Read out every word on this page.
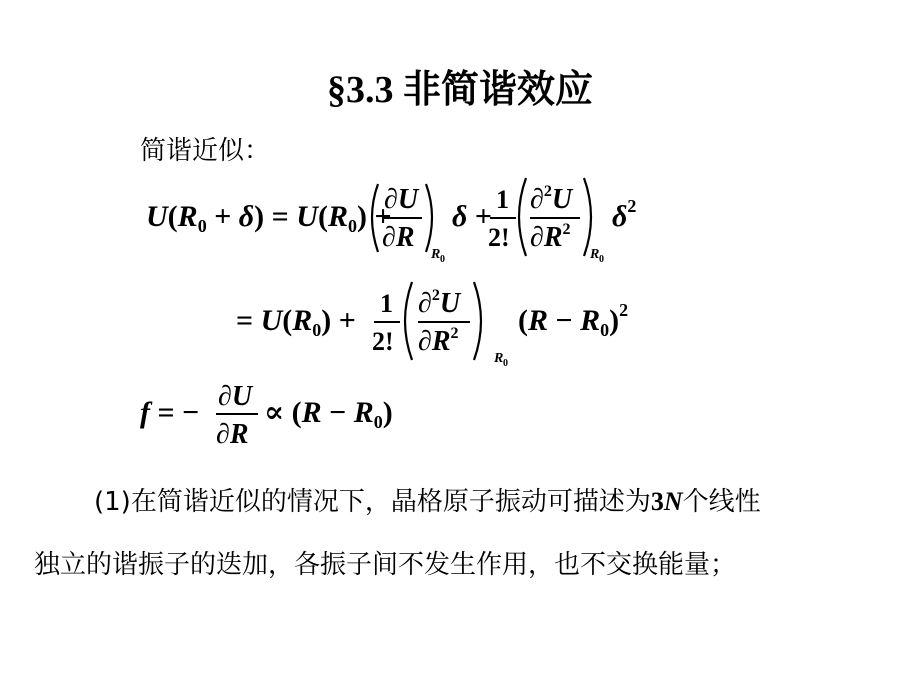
§3.3 非简谐效应
简谐近似：
$U(R_0 + \delta) = U(R_0)$ +
∂U
∂R
R 0
δ +
1
2!
∂$^2$U
$\partial R^2$
R 0
$\delta^2$
= $U(R_0)$ +
1
2!
∂$^2$U
$\partial R^2$
R 0
$(R - R_0)^2$
f = − ∂U
∂R
∝ $(R - R_0)$
(1)在简谐近似的情况下，晶格原子振动可描述为3N个线性
独立的谐振子的迭加，各振子间不发生作用，也不交换能量；
